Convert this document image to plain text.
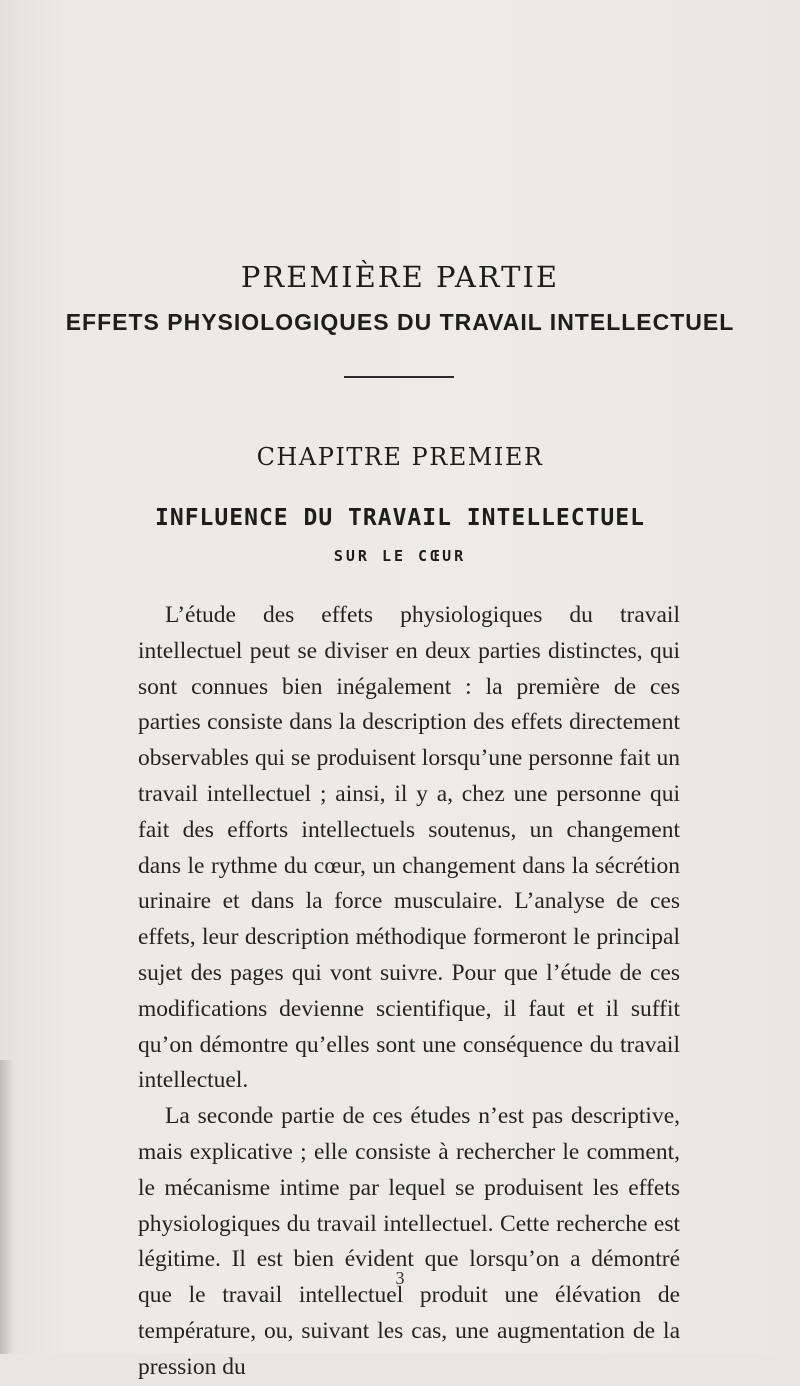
PREMIÈRE PARTIE
EFFETS PHYSIOLOGIQUES DU TRAVAIL INTELLECTUEL
CHAPITRE PREMIER
INFLUENCE DU TRAVAIL INTELLECTUEL
SUR LE CŒUR

L’étude des effets physiologiques du travail intellectuel peut se diviser en deux parties distinctes, qui sont connues bien inégalement : la première de ces parties consiste dans la description des effets directement observables qui se produisent lorsqu’une personne fait un travail intellectuel ; ainsi, il y a, chez une personne qui fait des efforts intellectuels soutenus, un changement dans le rythme du cœur, un changement dans la sécrétion urinaire et dans la force musculaire. L’analyse de ces effets, leur description méthodique formeront le principal sujet des pages qui vont suivre. Pour que l’étude de ces modifications devienne scientifique, il faut et il suffit qu’on démontre qu’elles sont une conséquence du travail intellectuel.

La seconde partie de ces études n’est pas descriptive, mais explicative ; elle consiste à rechercher le comment, le mécanisme intime par lequel se produisent les effets physiologiques du travail intellectuel. Cette recherche est légitime. Il est bien évident que lorsqu’on a démontré que le travail intellectuel produit une élévation de température, ou, suivant les cas, une augmentation de la pression du

3
